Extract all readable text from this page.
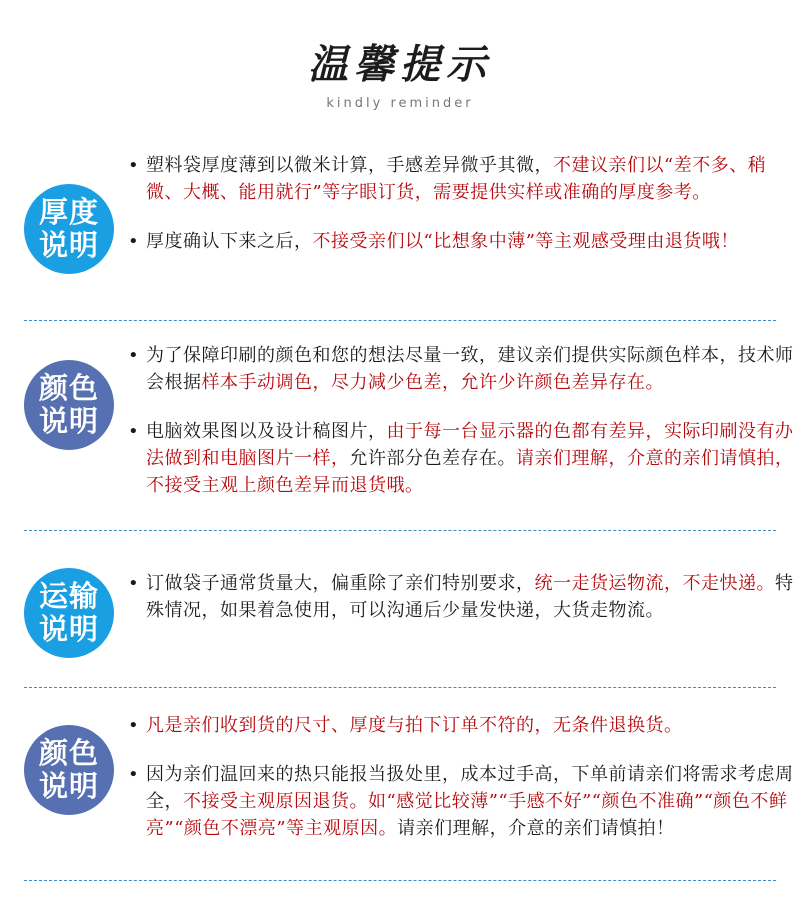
温馨提示
kindly reminder
厚度
说明
• 塑料袋厚度薄到以微米计算，手感差异微乎其微，不建议亲们以“差不多、稍微、大概、能用就行”等字眼订货，需要提供实样或准确的厚度参考。
• 厚度确认下来之后，不接受亲们以“比想象中薄”等主观感受理由退货哦！
颜色
说明
• 为了保障印刷的颜色和您的想法尽量一致，建议亲们提供实际颜色样本，技术师会根据样本手动调色，尽力减少色差，允许少许颜色差异存在。
• 电脑效果图以及设计稿图片，由于每一台显示器的色都有差异，实际印刷没有办法做到和电脑图片一样，允许部分色差存在。请亲们理解，介意的亲们请慎拍，不接受主观上颜色差异而退货哦。
运输
说明
• 订做袋子通常货量大，偏重除了亲们特别要求，统一走货运物流，不走快递。特殊情况，如果着急使用，可以沟通后少量发快递，大货走物流。
颜色
说明
• 凡是亲们收到货的尺寸、厚度与拍下订单不符的，无条件退换货。
• 因为亲们温回来的热只能报当扱处里，成本过手高，下单前请亲们将需求考虑周全，不接受主观原因退货。如“感觉比较薄”“手感不好”“颜色不准确”“颜色不鲜亮”“颜色不漂亮”等主观原因。请亲们理解，介意的亲们请慎拍！
